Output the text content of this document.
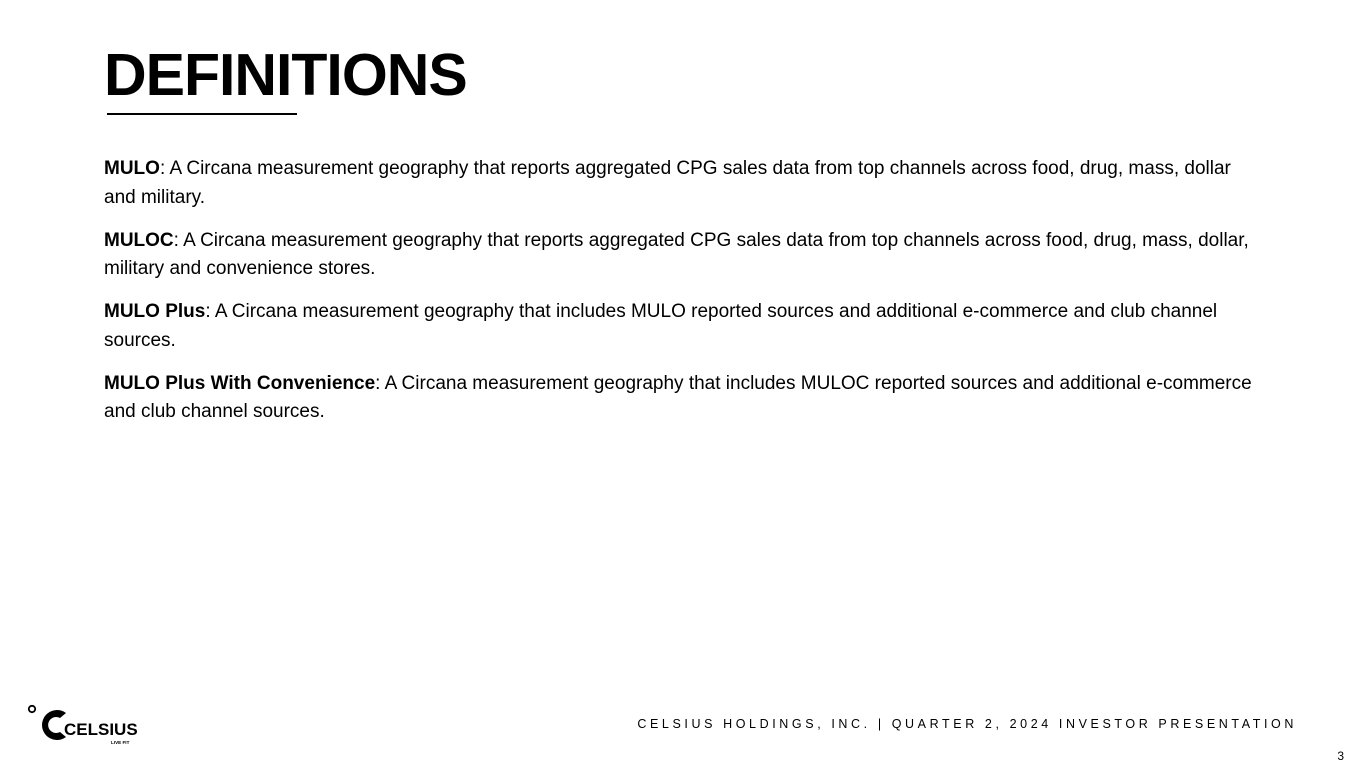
DEFINITIONS

MULO: A Circana measurement geography that reports aggregated CPG sales data from top channels across food, drug, mass, dollar and military.

MULOC: A Circana measurement geography that reports aggregated CPG sales data from top channels across food, drug, mass, dollar, military and convenience stores.

MULO Plus: A Circana measurement geography that includes MULO reported sources and additional e-commerce and club channel sources.

MULO Plus With Convenience: A Circana measurement geography that includes MULOC reported sources and additional e-commerce and club channel sources.

CELSIUS
LIVE FIT
CELSIUS HOLDINGS, INC. | QUARTER 2, 2024 INVESTOR PRESENTATION
3
